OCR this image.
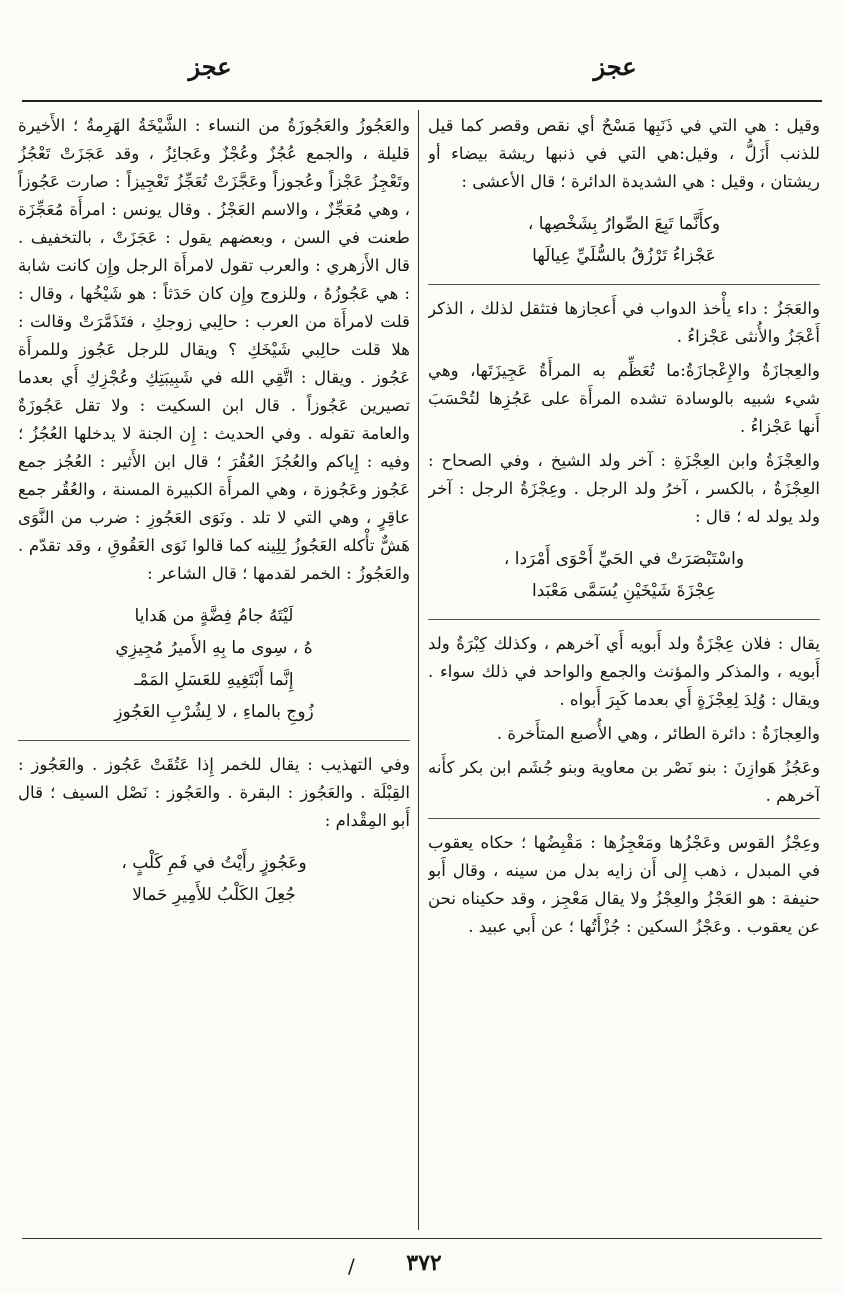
عجز
عجز

وقيل : هي التي في ذَنَبِها مَسْحٌ أي نقص وقصر كما قيل للذنب أَزَلُّ ، وقيل:هي التي في ذنبها ريشة بيضاء أو ريشتان ، وقيل : هي الشديدة الدائرة ؛ قال الأعشى :

وكأَنَّما تَبِعَ الصِّوارُ بِشَخْصِها ،
عَجْزاءُ تَرْزُقُ بالسُّلَيِّ عِيالَها

والعَجَزُ : داء يأْخذ الدواب في أَعجازها فتثقل لذلك ، الذكر أَعْجَزُ والأُنثى عَجْزاءُ .

والعِجازَةُ والإِعْجازَةُ:ما تُعَظِّم به المرأَةُ عَجِيزَتَها، وهي شيء شبيه بالوسادة تشده المرأَة على عَجُزِها لتُحْسَبَ أَنها عَجْزاءُ .

والعِجْزَةُ وابن العِجْزَةِ : آخر ولد الشيخ ، وفي الصحاح : العِجْزَةُ ، بالكسر ، آخرُ ولد الرجل . وعِجْزَةُ الرجل : آخر ولد يولد له ؛ قال :

واسْتَبْصَرَتْ في الحَيِّ أَحْوَى أَمْرَدا ،
عِجْزَةَ شَيْخَيْنِ يُسَمَّى مَعْبَدا

يقال : فلان عِجْزَةُ ولد أَبويه أَي آخرهم ، وكذلك كِبْرَةُ ولد أَبويه ، والمذكر والمؤنث والجمع والواحد في ذلك سواء . ويقال : وُلِدَ لِعِجْزَةٍ أَي بعدما كَبِرَ أَبواه .

والعِجازَةُ : دائرة الطائر ، وهي الأُصبع المتأَخرة .

وعَجُزُ هَوازِنَ : بنو نَصْر بن معاوية وبنو جُشَم ابن بكر كأَنه آخرهم .

وعِجْزُ القوس وعَجْزُها ومَعْجِزُها : مَقْبِضُها ؛ حكاه يعقوب في المبدل ، ذهب إِلى أَن زايه بدل من سينه ، وقال أَبو حنيفة : هو العَجْزُ والعِجْزُ ولا يقال مَعْجِز ، وقد حكيناه نحن عن يعقوب . وعَجْزُ السكين : جُزْأَتُها ؛ عن أَبي عبيد .

والعَجُوزُ والعَجُوزَةُ من النساء : الشَّيْخَةُ الهَرِمةُ ؛ الأَخيرة قليلة ، والجمع عُجُزٌ وعُجْزٌ وعَجائِزُ ، وقد عَجَزَتْ تَعْجُزُ وتَعْجِزُ عَجْزاً وعُجوزاً وعَجَّزَتْ تُعَجِّزُ تَعْجِيزاً : صارت عَجُوزاً ، وهي مُعَجِّزٌ ، والاسم العَجْزُ . وقال يونس : امرأَة مُعَجِّزَة طعنت في السن ، وبعضهم يقول : عَجَزَتْ ، بالتخفيف . قال الأَزهري : والعرب تقول لامرأَة الرجل وإِن كانت شابة : هي عَجُوزُهُ ، وللزوج وإِن كان حَدَثاً : هو شَيْخُها ، وقال : قلت لامرأَة من العرب : حالِبي زوجكِ ، فتَذَمَّرَتْ وقالت : هلا قلت حالِبي شَيْخَكِ ؟ ويقال للرجل عَجُوز وللمرأَة عَجُوز . ويقال : اتَّقِي الله في شَبِيبَتِكِ وعُجْزِكِ أَي بعدما تصيرين عَجُوزاً . قال ابن السكيت : ولا تقل عَجُوزَةٌ والعامة تقوله . وفي الحديث : إِن الجنة لا يدخلها العُجُزُ ؛ وفيه : إِياكم والعُجُزَ العُقُرَ ؛ قال ابن الأَثير : العُجُز جمع عَجُوز وعَجُوزة ، وهي المرأَة الكبيرة المسنة ، والعُقُر جمع عاقِرٍ ، وهي التي لا تلد . ونَوَى العَجُوزِ : ضرب من النَّوَى هَشٌّ تأْكله العَجُوزُ لِلِينه كما قالوا نَوَى العَقُوقِ ، وقد تقدّم . والعَجُوزُ : الخمر لقدمها ؛ قال الشاعر :

لَيْتَهُ جامُ فِضَّةٍ من هَدايا
هُ ، سِوى ما بِهِ الأَميرُ مُجِيزِي
إِنَّما أَبْتَغِيهِ للعَسَلِ المَمْـ
زُوجِ بالماءِ ، لا لِشُرْبِ العَجُوزِ

وفي التهذيب : يقال للخمر إِذا عَتُقَتْ عَجُوز . والعَجُوز : القِبْلَة . والعَجُوز : البقرة . والعَجُوز : نَصْل السيف ؛ قال أَبو المِقْدام :

وعَجُوزٍ رأَيْتُ في فَمِ كَلْبٍ ،
جُعِلَ الكَلْبُ للأَمِيرِ حَمالا
/	٣٧٢
